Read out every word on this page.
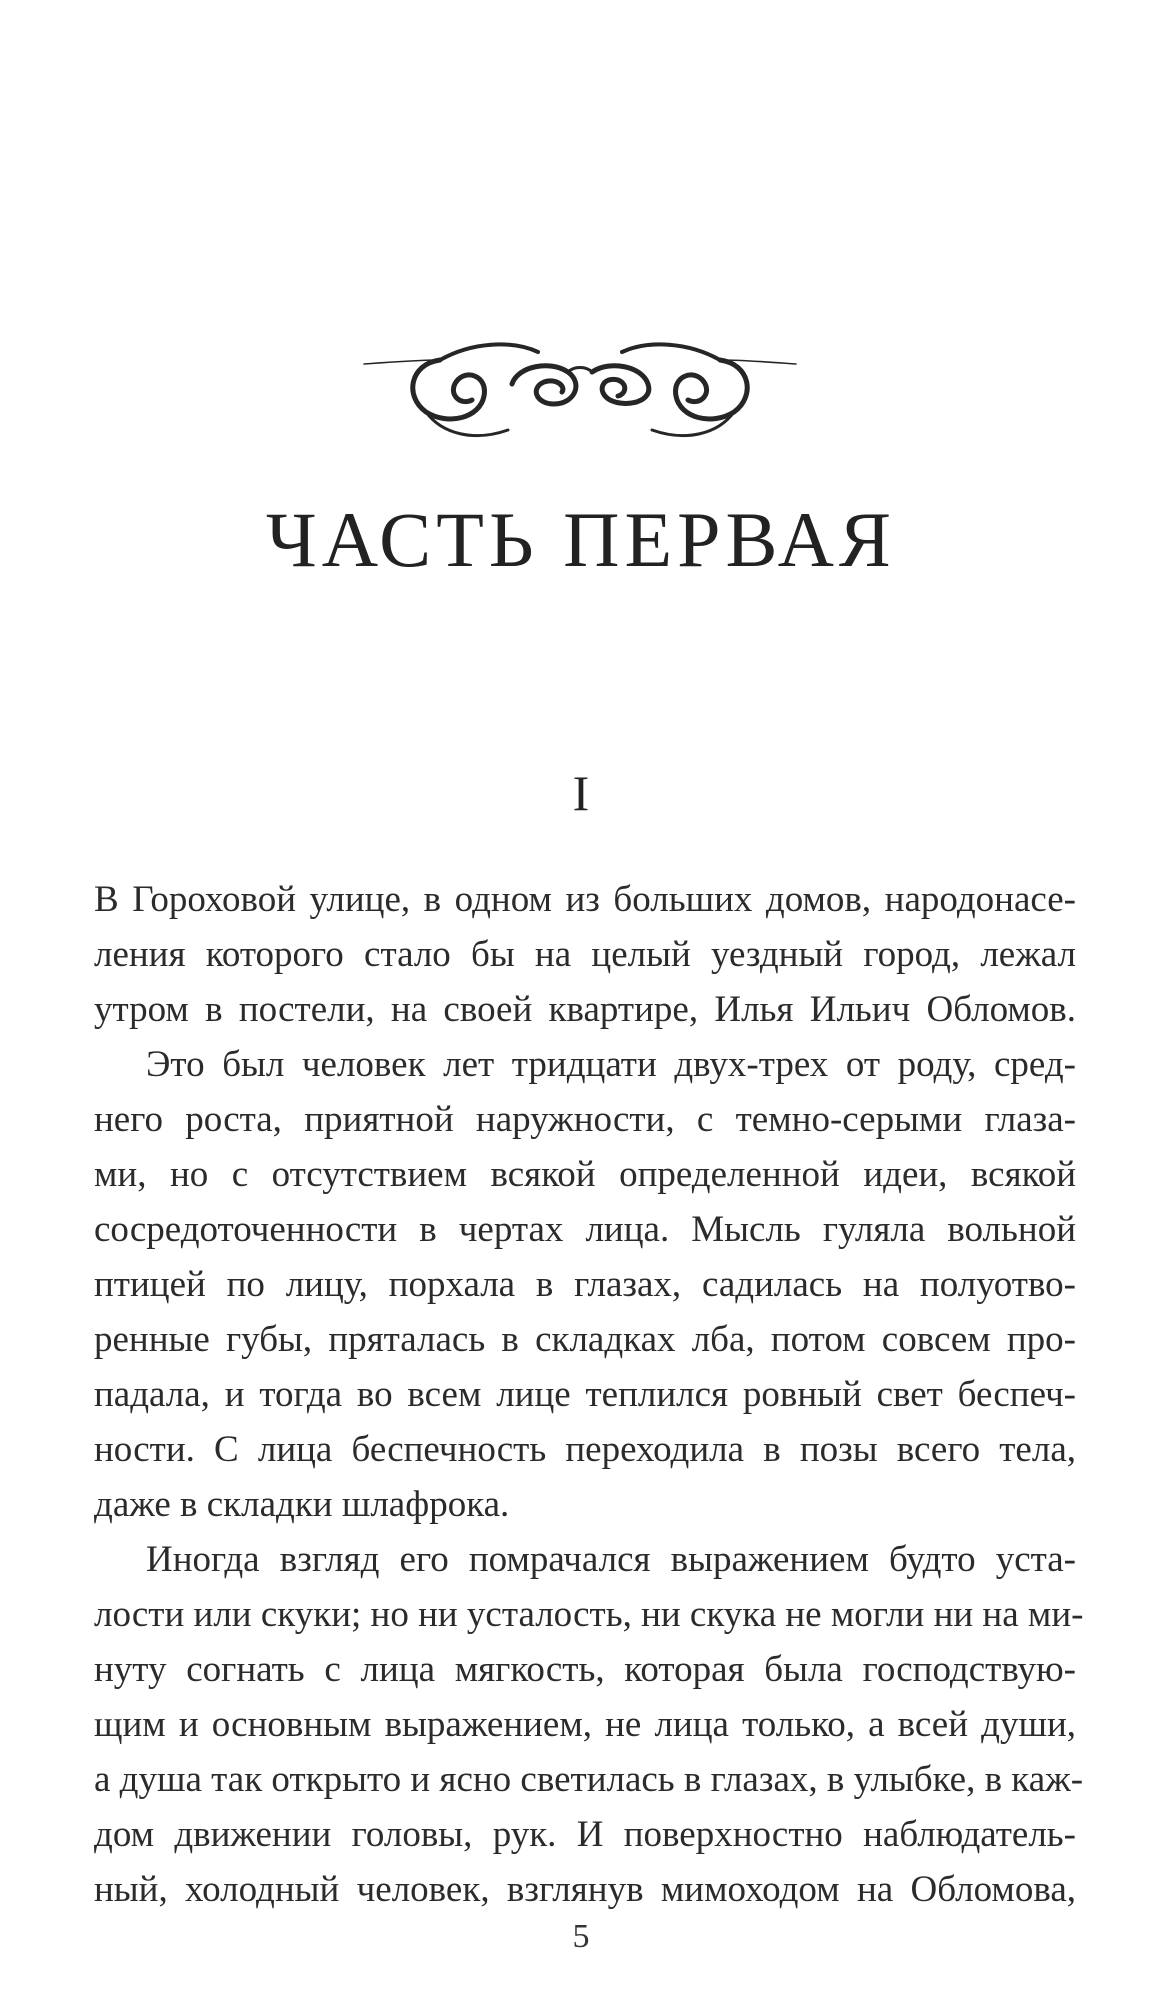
ЧАСТЬ ПЕРВАЯ
I
В Гороховой улице, в одном из больших домов, народонасе-
ления которого стало бы на целый уездный город, лежал
утром в постели, на своей квартире, Илья Ильич Обломов.
Это был человек лет тридцати двух-трех от роду, сред-
него роста, приятной наружности, с темно-серыми глаза-
ми, но с отсутствием всякой определенной идеи, всякой
сосредоточенности в чертах лица. Мысль гуляла вольной
птицей по лицу, порхала в глазах, садилась на полуотво-
ренные губы, пряталась в складках лба, потом совсем про-
падала, и тогда во всем лице теплился ровный свет беспеч-
ности. С лица беспечность переходила в позы всего тела,
даже в складки шлафрока.
Иногда взгляд его помрачался выражением будто уста-
лости или скуки; но ни усталость, ни скука не могли ни на ми-
нуту согнать с лица мягкость, которая была господствую-
щим и основным выражением, не лица только, а всей души,
а душа так открыто и ясно светилась в глазах, в улыбке, в каж-
дом движении головы, рук. И поверхностно наблюдатель-
ный, холодный человек, взглянув мимоходом на Обломова,
5
